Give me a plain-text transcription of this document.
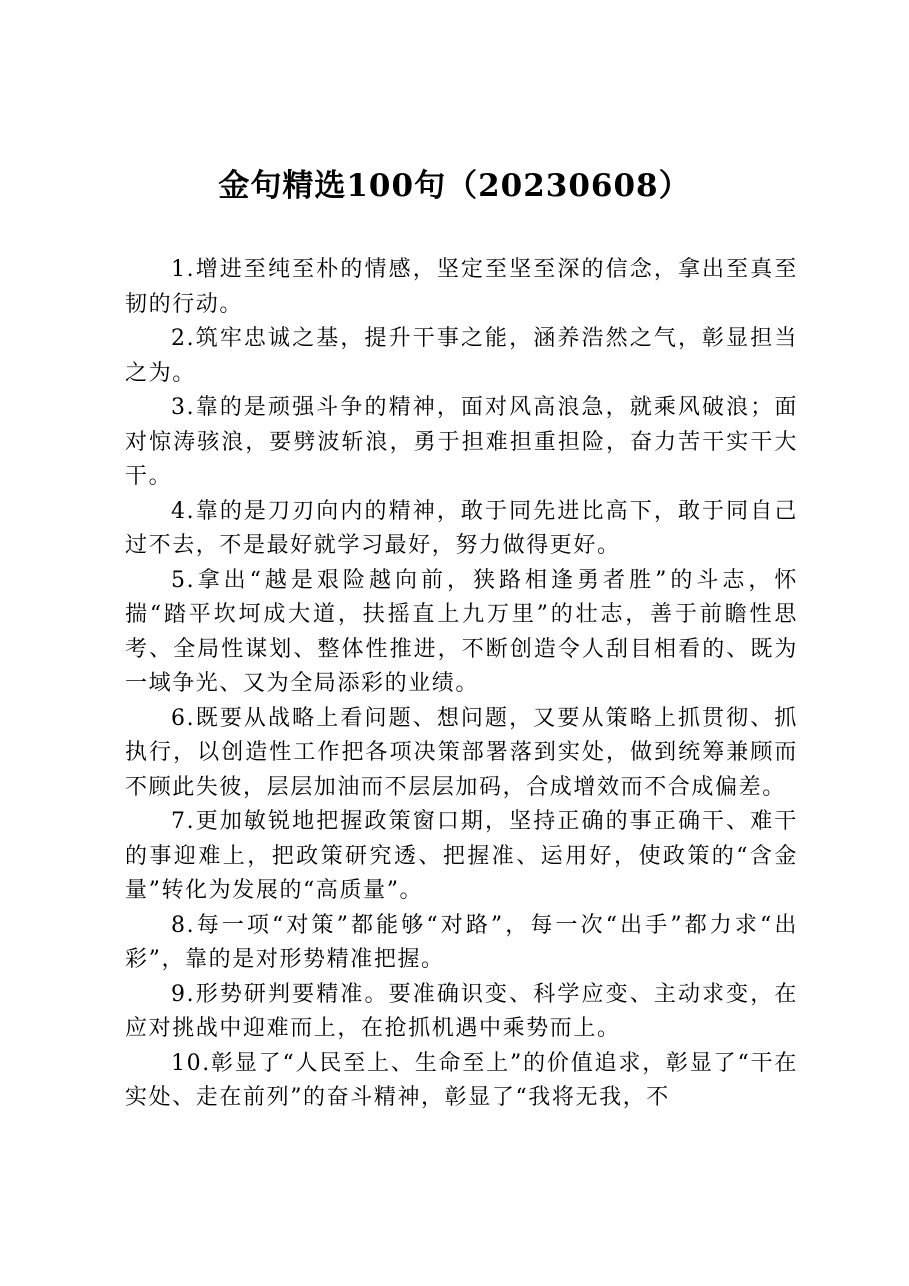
金句精选100句（20230608）

1.增进至纯至朴的情感，坚定至坚至深的信念，拿出至真至韧的行动。

2.筑牢忠诚之基，提升干事之能，涵养浩然之气，彰显担当之为。

3.靠的是顽强斗争的精神，面对风高浪急，就乘风破浪；面对惊涛骇浪，要劈波斩浪，勇于担难担重担险，奋力苦干实干大干。

4.靠的是刀刃向内的精神，敢于同先进比高下，敢于同自己过不去，不是最好就学习最好，努力做得更好。

5.拿出“越是艰险越向前，狭路相逢勇者胜”的斗志，怀揣“踏平坎坷成大道，扶摇直上九万里”的壮志，善于前瞻性思考、全局性谋划、整体性推进，不断创造令人刮目相看的、既为一域争光、又为全局添彩的业绩。

6.既要从战略上看问题、想问题，又要从策略上抓贯彻、抓执行，以创造性工作把各项决策部署落到实处，做到统筹兼顾而不顾此失彼，层层加油而不层层加码，合成增效而不合成偏差。

7.更加敏锐地把握政策窗口期，坚持正确的事正确干、难干的事迎难上，把政策研究透、把握准、运用好，使政策的“含金量”转化为发展的“高质量”。

8.每一项“对策”都能够“对路”，每一次“出手”都力求“出彩”，靠的是对形势精准把握。

9.形势研判要精准。要准确识变、科学应变、主动求变，在应对挑战中迎难而上，在抢抓机遇中乘势而上。

10.彰显了“人民至上、生命至上”的价值追求，彰显了“干在实处、走在前列”的奋斗精神，彰显了“我将无我，不
